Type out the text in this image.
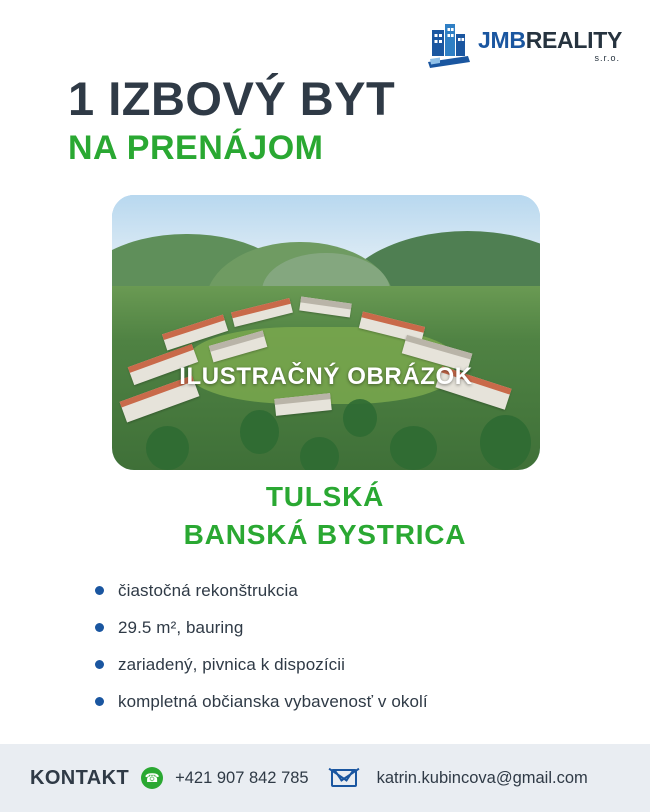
JMBREALITY
s.r.o.
1 IZBOVÝ BYT
NA PRENÁJOM
ILUSTRAČNÝ OBRÁZOK
TULSKÁ
BANSKÁ BYSTRICA
čiastočná rekonštrukcia
29.5 m², bauring
zariadený, pivnica k dispozícii
kompletná občianska vybavenosť v okolí
KONTAKT ☎ +421 907 842 785	katrin.kubincova@gmail.com
